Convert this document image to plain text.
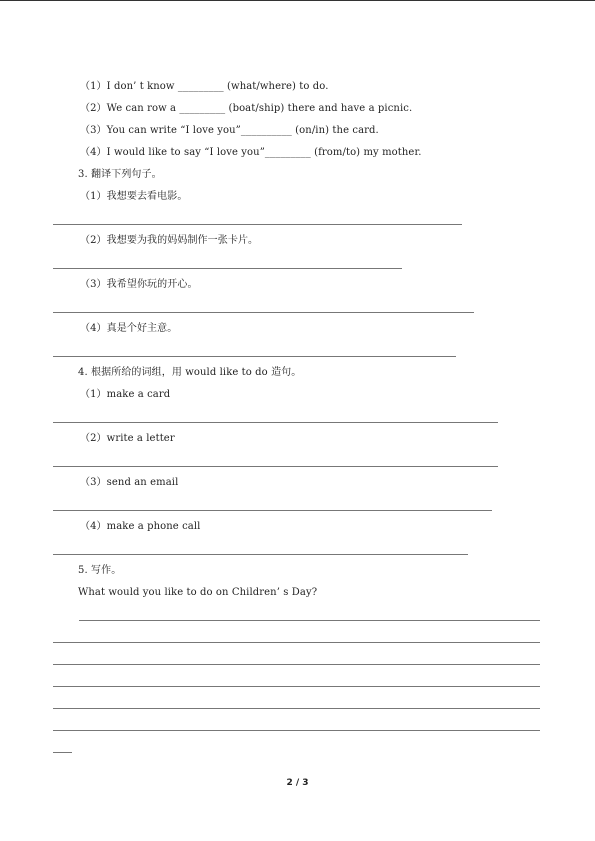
（1）I don’ t know _________ (what/where) to do.
（2）We can row a _________ (boat/ship) there and have a picnic.
（3）You can write “I love you”__________ (on/in) the card.
（4）I would like to say “I love you”_________ (from/to) my mother.
3. 翻译下列句子。
（1）我想要去看电影。
（2）我想要为我的妈妈制作一张卡片。
（3）我希望你玩的开心。
（4）真是个好主意。
4. 根据所给的词组，用 would like to do 造句。
（1）make a card
（2）write a letter
（3）send an email
（4）make a phone call
5. 写作。
What would you like to do on Children’ s Day?
2 / 3
